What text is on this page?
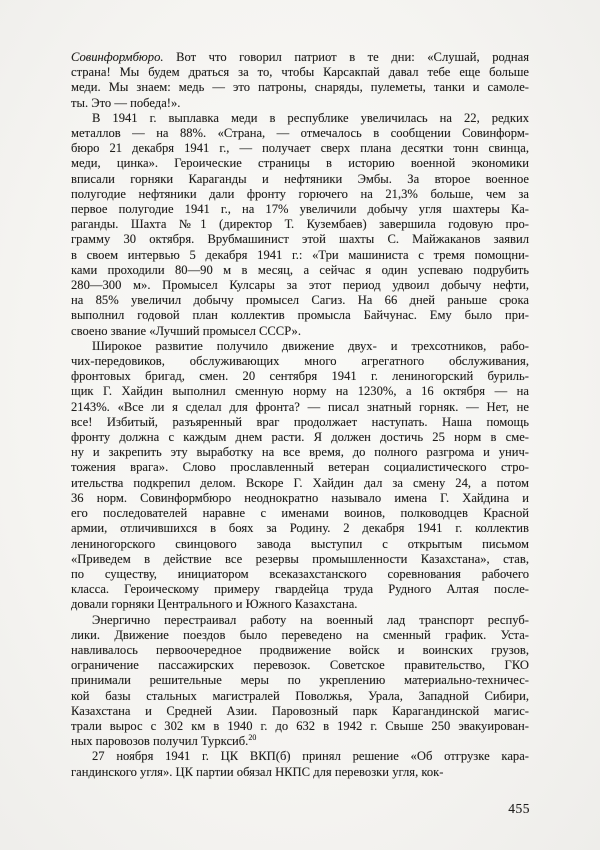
Совинформбюро. Вот что говорил патриот в те дни: «Слушай, родная
страна! Мы будем драться за то, чтобы Карсакпай давал тебе еще больше
меди. Мы знаем: медь — это патроны, снаряды, пулеметы, танки и самоле-
ты. Это — победа!».
В 1941 г. выплавка меди в республике увеличилась на 22, редких
металлов — на 88%. «Страна, — отмечалось в сообщении Совинформ-
бюро 21 декабря 1941 г., — получает сверх плана десятки тонн свинца,
меди, цинка». Героические страницы в историю военной экономики
вписали горняки Караганды и нефтяники Эмбы. За второе военное
полугодие нефтяники дали фронту горючего на 21,3% больше, чем за
первое полугодие 1941 г., на 17% увеличили добычу угля шахтеры Ка-
раганды. Шахта №1 (директор Т. Кузембаев) завершила годовую про-
грамму 30 октября. Врубмашинист этой шахты С. Майжаканов заявил
в своем интервью 5 декабря 1941 г.: «Три машиниста с тремя помощни-
ками проходили 80—90 м в месяц, а сейчас я один успеваю подрубить
280—300 м». Промысел Кулсары за этот период удвоил добычу нефти,
на 85% увеличил добычу промысел Сагиз. На 66 дней раньше срока
выполнил годовой план коллектив промысла Байчунас. Ему было при-
своено звание «Лучший промысел СССР».
Широкое развитие получило движение двух- и трехсотников, рабо-
чих-передовиков, обслуживающих много агрегатного обслуживания,
фронтовых бригад, смен. 20 сентября 1941 г. лениногорский буриль-
щик Г. Хайдин выполнил сменную норму на 1230%, а 16 октября — на
2143%. «Все ли я сделал для фронта? — писал знатный горняк. — Нет, не
все! Избитый, разъяренный враг продолжает наступать. Наша помощь
фронту должна с каждым днем расти. Я должен достичь 25 норм в сме-
ну и закрепить эту выработку на все время, до полного разгрома и унич-
тожения врага». Слово прославленный ветеран социалистического стро-
ительства подкрепил делом. Вскоре Г. Хайдин дал за смену 24, а потом
36 норм. Совинформбюро неоднократно называло имена Г. Хайдина и
его последователей наравне с именами воинов, полководцев Красной
армии, отличившихся в боях за Родину. 2 декабря 1941 г. коллектив
лениногорского свинцового завода выступил с открытым письмом
«Приведем в действие все резервы промышленности Казахстана», став,
по существу, инициатором всеказахстанского соревнования рабочего
класса. Героическому примеру гвардейца труда Рудного Алтая после-
довали горняки Центрального и Южного Казахстана.
Энергично перестраивал работу на военный лад транспорт респуб-
лики. Движение поездов было переведено на сменный график. Уста-
навливалось первоочередное продвижение войск и воинских грузов,
ограничение пассажирских перевозок. Советское правительство, ГКО
принимали решительные меры по укреплению материально-техничес-
кой базы стальных магистралей Поволжья, Урала, Западной Сибири,
Казахстана и Средней Азии. Паровозный парк Карагандинской магис-
трали вырос с 302 км в 1940 г. до 632 в 1942 г. Свыше 250 эвакуирован-
ных паровозов получил Турксиб.$^{20}$
27 ноября 1941 г. ЦК ВКП(б) принял решение «Об отгрузке кара-
гандинского угля». ЦК партии обязал НКПС для перевозки угля, кок-
455
